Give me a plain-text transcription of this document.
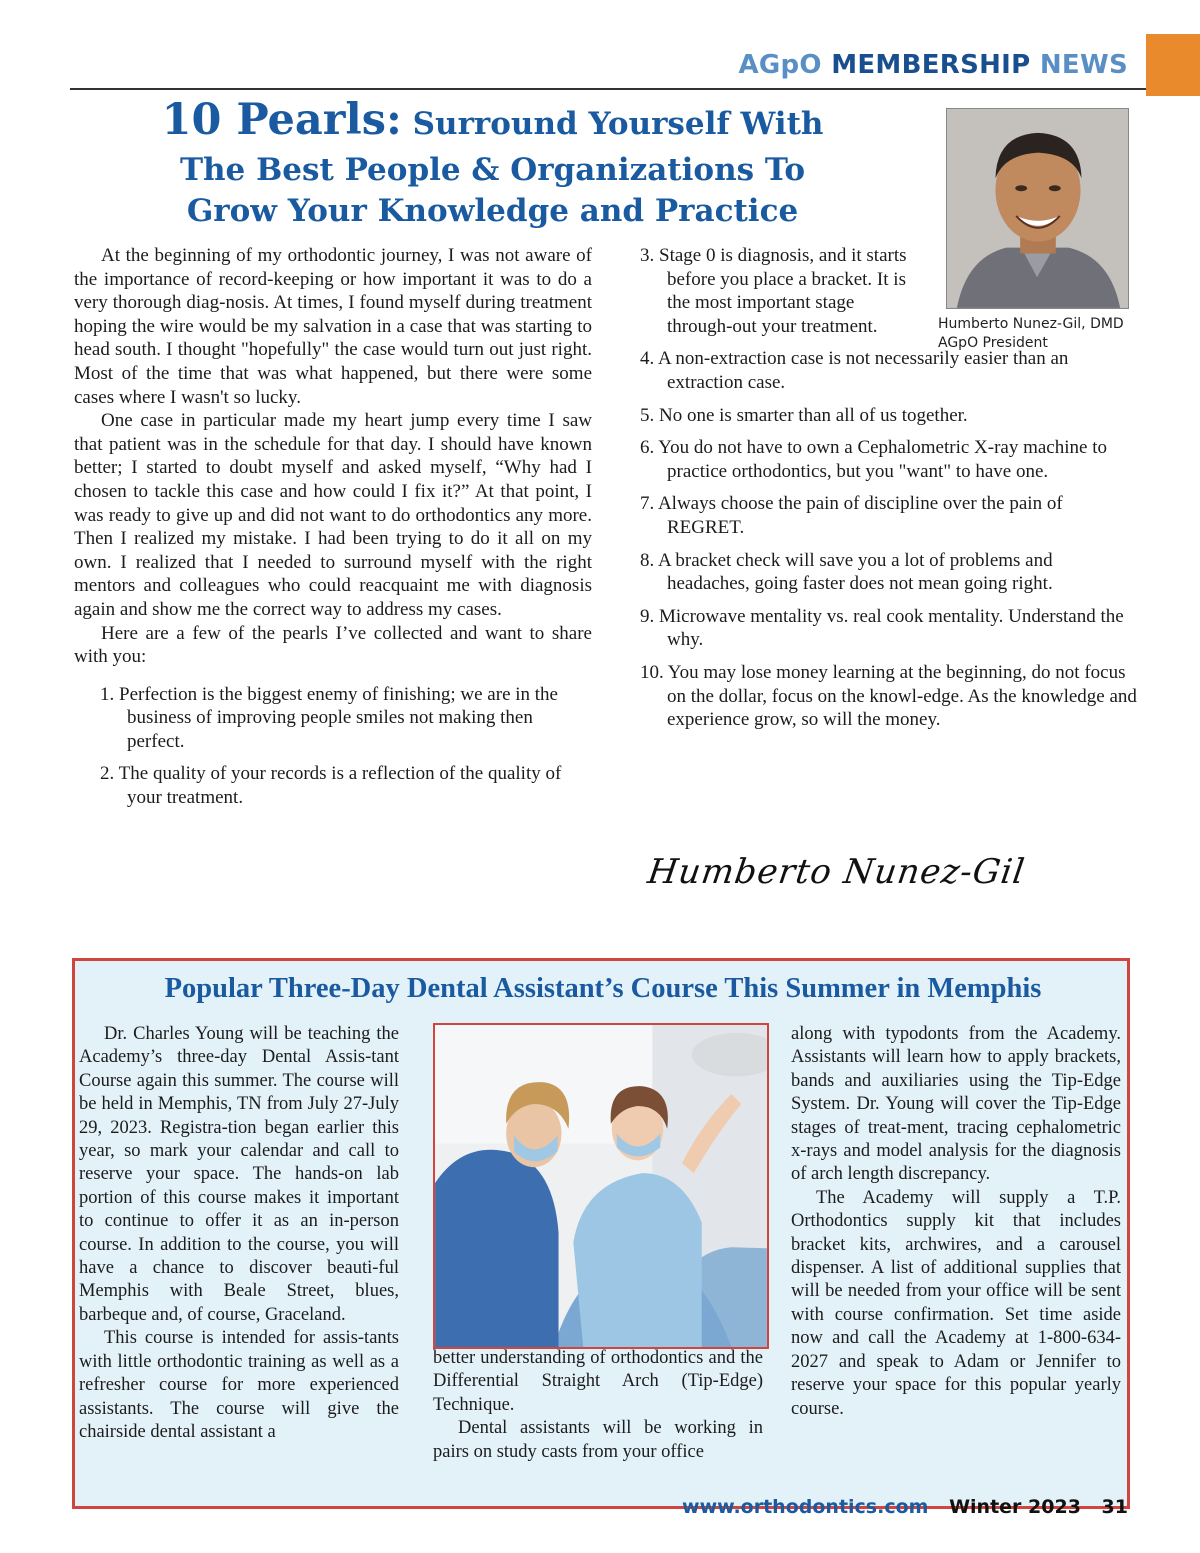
AGpO MEMBERSHIP NEWS
10 Pearls: Surround Yourself With
The Best People & Organizations To
Grow Your Knowledge and Practice
Humberto Nunez-Gil, DMD
AGpO President

At the beginning of my orthodontic journey, I was not aware of the importance of record-keeping or how important it was to do a very thorough diag-nosis. At times, I found myself during treatment hoping the wire would be my salvation in a case that was starting to head south. I thought "hopefully" the case would turn out just right. Most of the time that was what happened, but there were some cases where I wasn't so lucky.

One case in particular made my heart jump every time I saw that patient was in the schedule for that day. I should have known better; I started to doubt myself and asked myself, “Why had I chosen to tackle this case and how could I fix it?” At that point, I was ready to give up and did not want to do orthodontics any more. Then I realized my mistake. I had been trying to do it all on my own. I realized that I needed to surround myself with the right mentors and colleagues who could reacquaint me with diagnosis again and show me the correct way to address my cases.

Here are a few of the pearls I’ve collected and want to share with you:

1. Perfection is the biggest enemy of finishing; we are in the business of improving people smiles not making then perfect.
2. The quality of your records is a reflection of the quality of your treatment.
3. Stage 0 is diagnosis, and it starts before you place a bracket. It is the most important stage through-out your treatment.
4. A non-extraction case is not necessarily easier than an extraction case.
5. No one is smarter than all of us together.
6. You do not have to own a Cephalometric X-ray machine to practice orthodontics, but you "want" to have one.
7. Always choose the pain of discipline over the pain of REGRET.
8. A bracket check will save you a lot of problems and headaches, going faster does not mean going right.
9. Microwave mentality vs. real cook mentality. Understand the why.
10. You may lose money learning at the beginning, do not focus on the dollar, focus on the knowl-edge. As the knowledge and experience grow, so will the money.
Humberto Nunez-Gil
Popular Three-Day Dental Assistant’s Course This Summer in Memphis

Dr. Charles Young will be teaching the Academy’s three-day Dental Assis-tant Course again this summer. The course will be held in Memphis, TN from July 27-July 29, 2023. Registra-tion began earlier this year, so mark your calendar and call to reserve your space. The hands-on lab portion of this course makes it important to continue to offer it as an in-person course. In addition to the course, you will have a chance to discover beauti-ful Memphis with Beale Street, blues, barbeque and, of course, Graceland.

This course is intended for assis-tants with little orthodontic training as well as a refresher course for more experienced assistants. The course will give the chairside dental assistant a

better understanding of orthodontics and the Differential Straight Arch (Tip-Edge) Technique.

Dental assistants will be working in pairs on study casts from your office

along with typodonts from the Academy. Assistants will learn how to apply brackets, bands and auxiliaries using the Tip-Edge System. Dr. Young will cover the Tip-Edge stages of treat-ment, tracing cephalometric x-rays and model analysis for the diagnosis of arch length discrepancy.

The Academy will supply a T.P. Orthodontics supply kit that includes bracket kits, archwires, and a carousel dispenser. A list of additional supplies that will be needed from your office will be sent with course confirmation. Set time aside now and call the Academy at 1-800-634-2027 and speak to Adam or Jennifer to reserve your space for this popular yearly course.

www.orthodontics.com Winter 2023 31
